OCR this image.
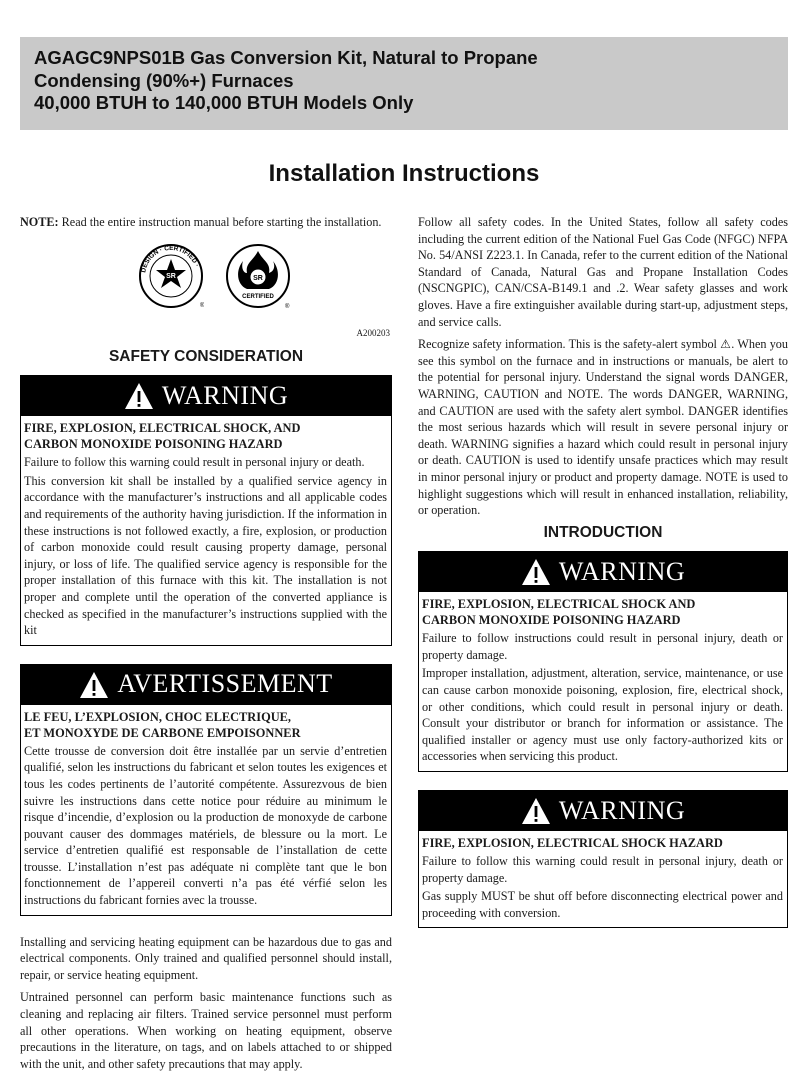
AGAGC9NPS01B Gas Conversion Kit, Natural to Propane
Condensing (90%+) Furnaces
40,000 BTUH to 140,000 BTUH Models Only
Installation Instructions

NOTE: Read the entire instruction manual before starting the installation.

DESIGN · CERTIFIED ·
SR
®
SR
CERTIFIED
®
A200203
SAFETY CONSIDERATION
WARNING
FIRE, EXPLOSION, ELECTRICAL SHOCK, AND
CARBON MONOXIDE POISONING HAZARD

Failure to follow this warning could result in personal injury or death.

This conversion kit shall be installed by a qualified service agency in accordance with the manufacturer’s instructions and all applicable codes and requirements of the authority having jurisdiction. If the information in these instructions is not followed exactly, a fire, explosion, or production of carbon monoxide could result causing property damage, personal injury, or loss of life. The qualified service agency is responsible for the proper installation of this furnace with this kit. The installation is not proper and complete until the operation of the converted appliance is checked as specified in the manufacturer’s instructions supplied with the kit

AVERTISSEMENT
LE FEU, L’EXPLOSION, CHOC ELECTRIQUE,
ET MONOXYDE DE CARBONE EMPOISONNER

Cette trousse de conversion doit être installée par un servie d’entretien qualifié, selon les instructions du fabricant et selon toutes les exigences et tous les codes pertinents de l’autorité compétente. Assurezvous de bien suivre les instructions dans cette notice pour réduire au minimum le risque d’incendie, d’explosion ou la production de monoxyde de carbone pouvant causer des dommages matériels, de blessure ou la mort. Le service d’entretien qualifié est responsable de l’installation de cette trousse. L’installation n’est pas adéquate ni complète tant que le bon fonctionnement de l’appereil converti n’a pas été vérfié selon les instructions du fabricant fornies avec la trousse.

Installing and servicing heating equipment can be hazardous due to gas and electrical components. Only trained and qualified personnel should install, repair, or service heating equipment.

Untrained personnel can perform basic maintenance functions such as cleaning and replacing air filters. Trained service personnel must perform all other operations. When working on heating equipment, observe precautions in the literature, on tags, and on labels attached to or shipped with the unit, and other safety precautions that may apply.

Follow all safety codes. In the United States, follow all safety codes including the current edition of the National Fuel Gas Code (NFGC) NFPA No. 54/ANSI Z223.1. In Canada, refer to the current edition of the National Standard of Canada, Natural Gas and Propane Installation Codes (NSCNGPIC), CAN/CSA-B149.1 and .2. Wear safety glasses and work gloves. Have a fire extinguisher available during start-up, adjustment steps, and service calls.

Recognize safety information. This is the safety-alert symbol ⚠. When you see this symbol on the furnace and in instructions or manuals, be alert to the potential for personal injury. Understand the signal words DANGER, WARNING, CAUTION and NOTE. The words DANGER, WARNING, and CAUTION are used with the safety alert symbol. DANGER identifies the most serious hazards which will result in severe personal injury or death. WARNING signifies a hazard which could result in personal injury or death. CAUTION is used to identify unsafe practices which may result in minor personal injury or product and property damage. NOTE is used to highlight suggestions which will result in enhanced installation, reliability, or operation.

INTRODUCTION
WARNING
FIRE, EXPLOSION, ELECTRICAL SHOCK AND
CARBON MONOXIDE POISONING HAZARD

Failure to follow instructions could result in personal injury, death or property damage.

Improper installation, adjustment, alteration, service, maintenance, or use can cause carbon monoxide poisoning, explosion, fire, electrical shock, or other conditions, which could result in personal injury or death. Consult your distributor or branch for information or assistance. The qualified installer or agency must use only factory-authorized kits or accessories when servicing this product.

WARNING
FIRE, EXPLOSION, ELECTRICAL SHOCK HAZARD

Failure to follow this warning could result in personal injury, death or property damage.

Gas supply MUST be shut off before disconnecting electrical power and proceeding with conversion.
